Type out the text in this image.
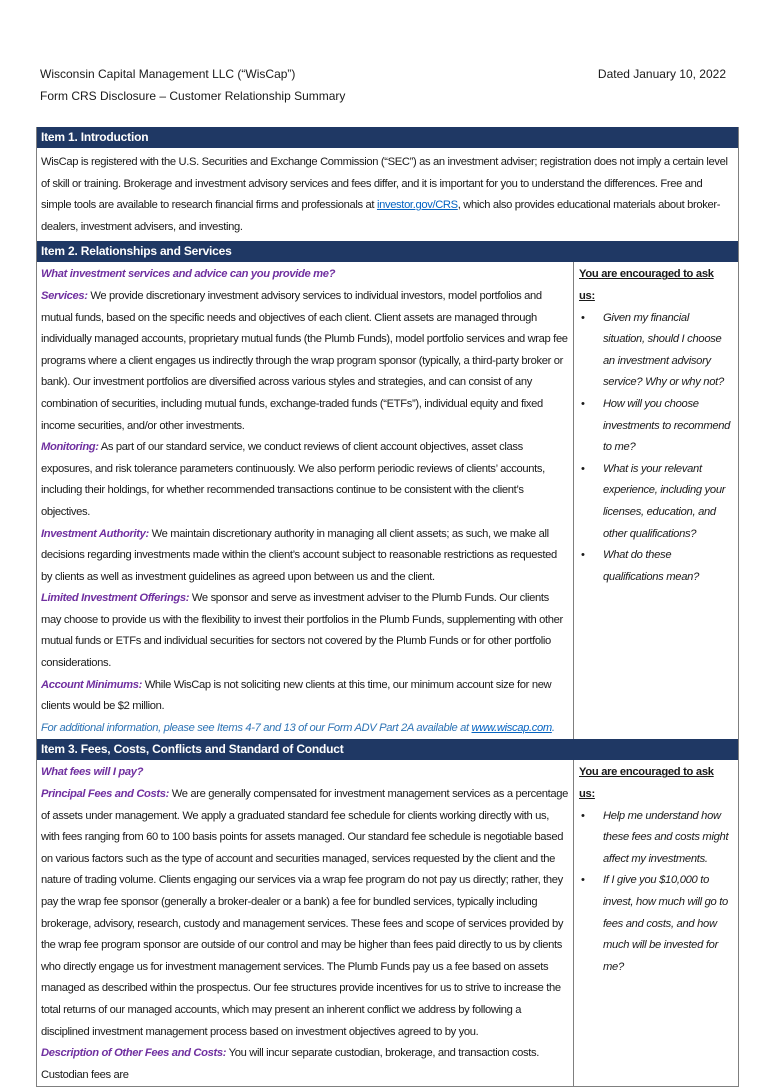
Wisconsin Capital Management LLC (“WisCap”)	Dated January 10, 2022
Form CRS Disclosure – Customer Relationship Summary
Item 1. Introduction
WisCap is registered with the U.S. Securities and Exchange Commission (“SEC”) as an investment adviser; registration does not imply a certain level of skill or training. Brokerage and investment advisory services and fees differ, and it is important for you to understand the differences. Free and simple tools are available to research financial firms and professionals at investor.gov/CRS, which also provides educational materials about broker-dealers, investment advisers, and investing.
Item 2. Relationships and Services
What investment services and advice can you provide me?
Services: We provide discretionary investment advisory services to individual investors, model portfolios and mutual funds, based on the specific needs and objectives of each client. Client assets are managed through individually managed accounts, proprietary mutual funds (the Plumb Funds), model portfolio services and wrap fee programs where a client engages us indirectly through the wrap program sponsor (typically, a third-party broker or bank). Our investment portfolios are diversified across various styles and strategies, and can consist of any combination of securities, including mutual funds, exchange-traded funds (“ETFs”), individual equity and fixed income securities, and/or other investments.
Monitoring: As part of our standard service, we conduct reviews of client account objectives, asset class exposures, and risk tolerance parameters continuously. We also perform periodic reviews of clients’ accounts, including their holdings, for whether recommended transactions continue to be consistent with the client’s objectives.
Investment Authority: We maintain discretionary authority in managing all client assets; as such, we make all decisions regarding investments made within the client’s account subject to reasonable restrictions as requested by clients as well as investment guidelines as agreed upon between us and the client.
Limited Investment Offerings: We sponsor and serve as investment adviser to the Plumb Funds. Our clients may choose to provide us with the flexibility to invest their portfolios in the Plumb Funds, supplementing with other mutual funds or ETFs and individual securities for sectors not covered by the Plumb Funds or for other portfolio considerations.
Account Minimums: While WisCap is not soliciting new clients at this time, our minimum account size for new clients would be $2 million.
For additional information, please see Items 4-7 and 13 of our Form ADV Part 2A available at www.wiscap.com.
You are encouraged to ask us:
• Given my financial situation, should I choose an investment advisory service? Why or why not?
• How will you choose investments to recommend to me?
• What is your relevant experience, including your licenses, education, and other qualifications?
• What do these qualifications mean?
Item 3. Fees, Costs, Conflicts and Standard of Conduct
What fees will I pay?
Principal Fees and Costs: We are generally compensated for investment management services as a percentage of assets under management. We apply a graduated standard fee schedule for clients working directly with us, with fees ranging from 60 to 100 basis points for assets managed. Our standard fee schedule is negotiable based on various factors such as the type of account and securities managed, services requested by the client and the nature of trading volume. Clients engaging our services via a wrap fee program do not pay us directly; rather, they pay the wrap fee sponsor (generally a broker-dealer or a bank) a fee for bundled services, typically including brokerage, advisory, research, custody and management services. These fees and scope of services provided by the wrap fee program sponsor are outside of our control and may be higher than fees paid directly to us by clients who directly engage us for investment management services. The Plumb Funds pay us a fee based on assets managed as described within the prospectus. Our fee structures provide incentives for us to strive to increase the total returns of our managed accounts, which may present an inherent conflict we address by following a disciplined investment management process based on investment objectives agreed to by you.
Description of Other Fees and Costs: You will incur separate custodian, brokerage, and transaction costs. Custodian fees are
You are encouraged to ask us:
• Help me understand how these fees and costs might affect my investments.
• If I give you $10,000 to invest, how much will go to fees and costs, and how much will be invested for me?
